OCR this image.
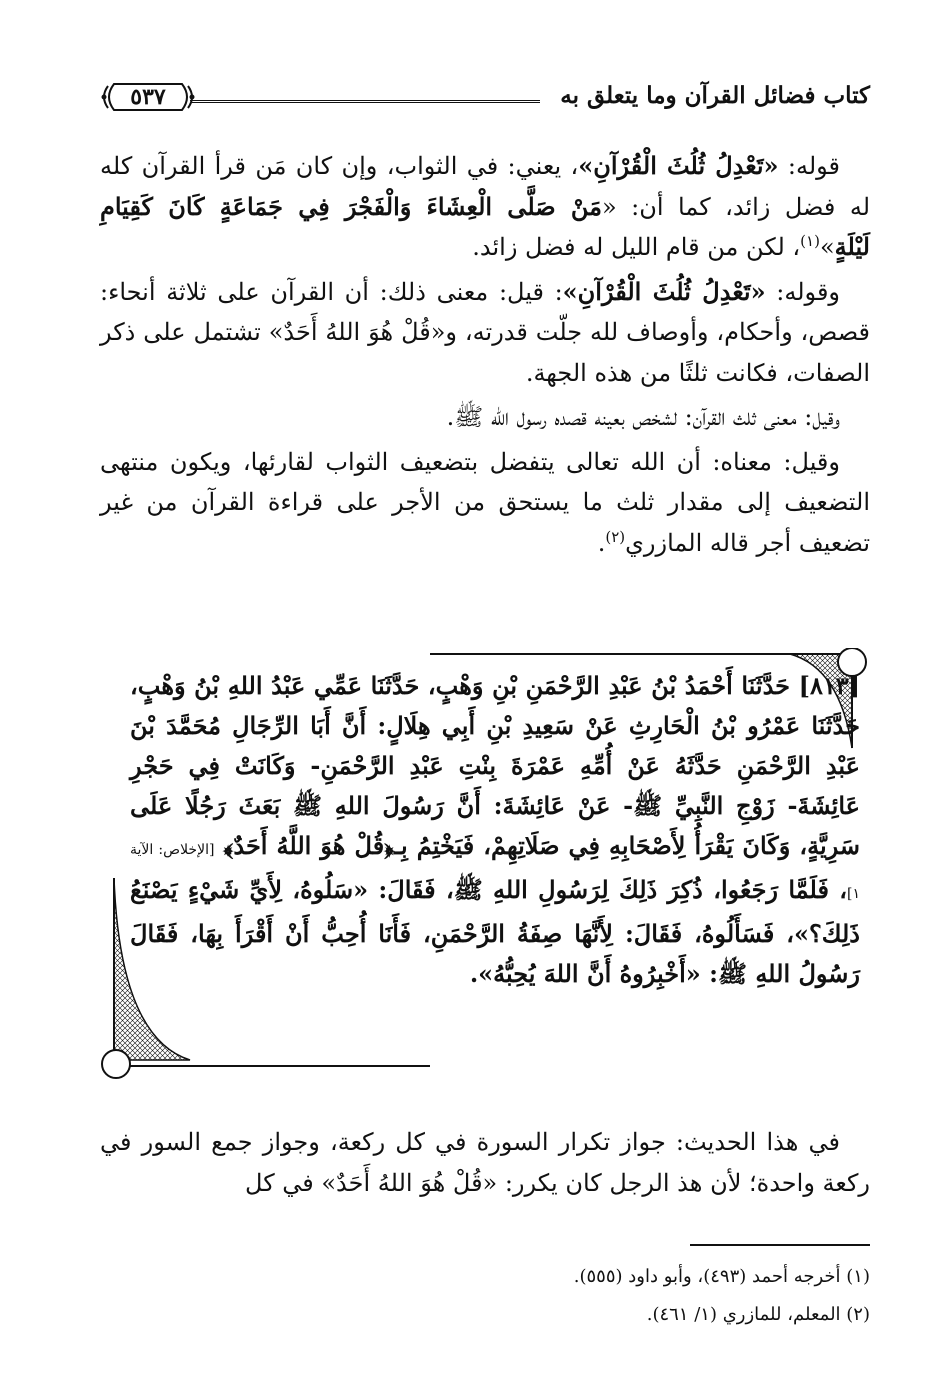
كتاب فضائل القرآن وما يتعلق به
٥٣٧

قوله: «تَعْدِلُ ثُلُثَ الْقُرْآنِ»، يعني: في الثواب، وإن كان مَن قرأ القرآن كله له فضل زائد، كما أن: «مَنْ صَلَّى الْعِشَاءَ وَالْفَجْرَ فِي جَمَاعَةٍ كَانَ كَقِيَامِ لَيْلَةٍ»$^{(١)}$، لكن من قام الليل له فضل زائد.

وقوله: «تَعْدِلُ ثُلُثَ الْقُرْآنِ»: قيل: معنى ذلك: أن القرآن على ثلاثة أنحاء: قصص، وأحكام، وأوصاف لله جلّت قدرته، و«قُلْ هُوَ اللهُ أَحَدٌ» تشتمل على ذكر الصفات، فكانت ثلثًا من هذه الجهة.

وقيل: معنى ثلث القرآن: لشخص بعينه قصده رسول الله ﷺ.

وقيل: معناه: أن الله تعالى يتفضل بتضعيف الثواب لقارئها، ويكون منتهى التضعيف إلى مقدار ثلث ما يستحق من الأجر على قراءة القرآن من غير تضعيف أجر قاله المازري$^{(٢)}$.

[٨١٣] حَدَّثَنَا أَحْمَدُ بْنُ عَبْدِ الرَّحْمَنِ بْنِ وَهْبٍ، حَدَّثَنَا عَمِّي عَبْدُ اللهِ بْنُ وَهْبٍ، حَدَّثَنَا عَمْرُو بْنُ الْحَارِثِ عَنْ سَعِيدِ بْنِ أَبِي هِلَالٍ: أَنَّ أَبَا الرِّجَالِ مُحَمَّدَ بْنَ عَبْدِ الرَّحْمَنِ حَدَّثَهُ عَنْ أُمِّهِ عَمْرَةَ بِنْتِ عَبْدِ الرَّحْمَنِ- وَكَانَتْ فِي حَجْرِ عَائِشَةَ- زَوْجِ النَّبِيِّ ﷺ- عَنْ عَائِشَةَ: أَنَّ رَسُولَ اللهِ ﷺ بَعَثَ رَجُلًا عَلَى سَرِيَّةٍ، وَكَانَ يَقْرَأُ لِأَصْحَابِهِ فِي صَلَاتِهِمْ، فَيَخْتِمُ بِـ﴿قُلْ هُوَ اللَّهُ أَحَدٌ﴾ [الإخلاص: الآية ١]، فَلَمَّا رَجَعُوا، ذُكِرَ ذَلِكَ لِرَسُولِ اللهِ ﷺ، فَقَالَ: «سَلُوهُ، لِأَيِّ شَيْءٍ يَصْنَعُ ذَلِكَ؟»، فَسَأَلُوهُ، فَقَالَ: لِأَنَّهَا صِفَةُ الرَّحْمَنِ، فَأَنَا أُحِبُّ أَنْ أَقْرَأَ بِهَا، فَقَالَ رَسُولُ اللهِ ﷺ: «أَخْبِرُوهُ أَنَّ اللهَ يُحِبُّهُ».

في هذا الحديث: جواز تكرار السورة في كل ركعة، وجواز جمع السور في ركعة واحدة؛ لأن هذ الرجل كان يكرر: «قُلْ هُوَ اللهُ أَحَدٌ» في كل

(١) أخرجه أحمد (٤٩٣)، وأبو داود (٥٥٥).

(٢) المعلم، للمازري (١/ ٤٦١).
